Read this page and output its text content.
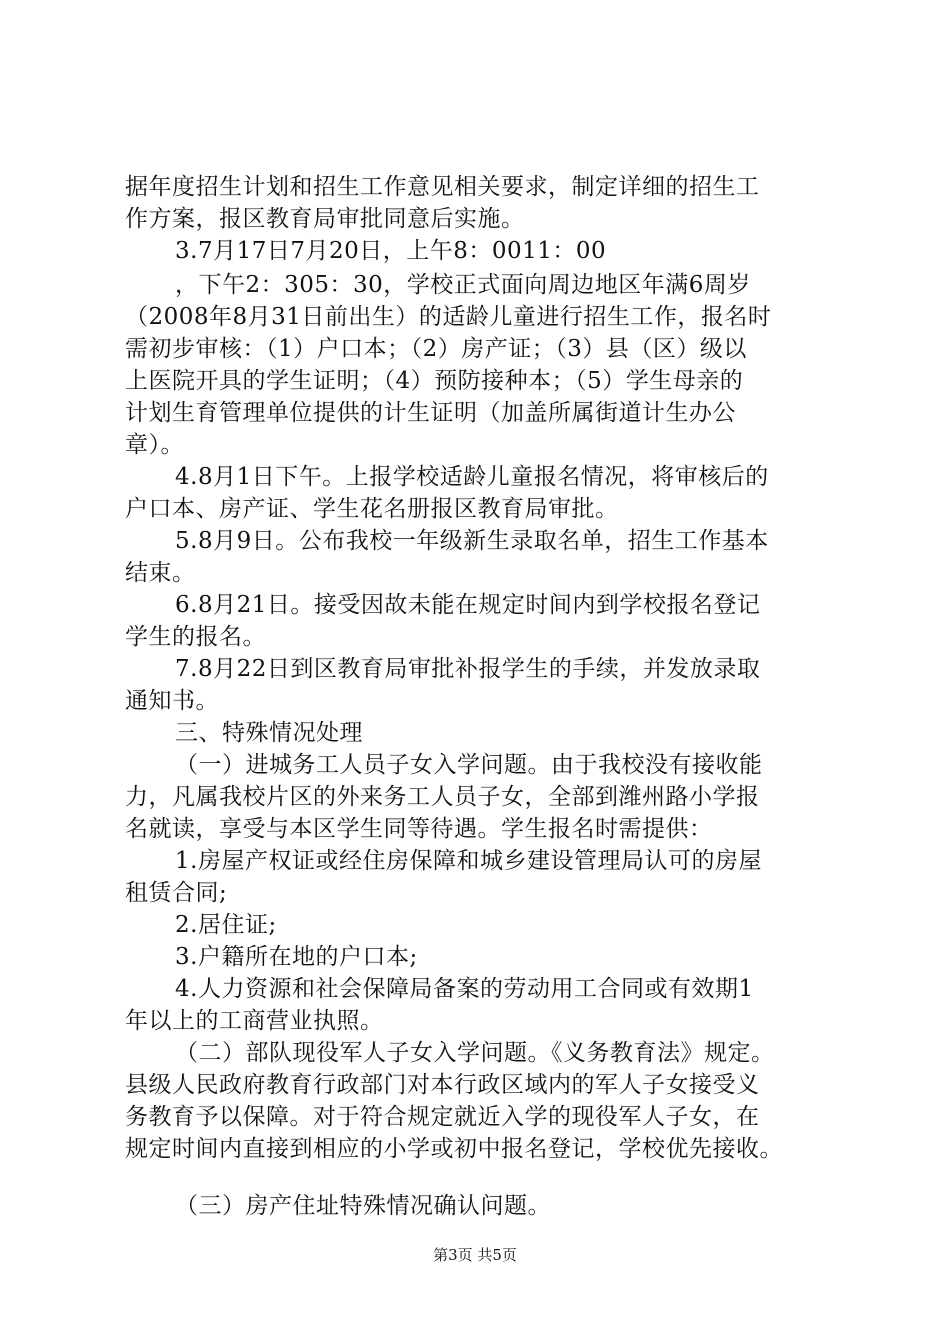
据年度招生计划和招生工作意见相关要求，制定详细的招生工
作方案，报区教育局审批同意后实施。
3.7月17日7月20日，上午8：0011：00
，下午2：305：30，学校正式面向周边地区年满6周岁
（2008年8月31日前出生）的适龄儿童进行招生工作，报名时
需初步审核：（1）户口本；（2）房产证；（3）县（区）级以
上医院开具的学生证明；（4）预防接种本；（5）学生母亲的
计划生育管理单位提供的计生证明（加盖所属街道计生办公
章）。
4.8月1日下午。上报学校适龄儿童报名情况，将审核后的
户口本、房产证、学生花名册报区教育局审批。
5.8月9日。公布我校一年级新生录取名单，招生工作基本
结束。
6.8月21日。接受因故未能在规定时间内到学校报名登记
学生的报名。
7.8月22日到区教育局审批补报学生的手续，并发放录取
通知书。
三、特殊情况处理
（一）进城务工人员子女入学问题。由于我校没有接收能
力，凡属我校片区的外来务工人员子女，全部到潍州路小学报
名就读，享受与本区学生同等待遇。学生报名时需提供：
1.房屋产权证或经住房保障和城乡建设管理局认可的房屋
租赁合同;
2.居住证;
3.户籍所在地的户口本;
4.人力资源和社会保障局备案的劳动用工合同或有效期1
年以上的工商营业执照。
（二）部队现役军人子女入学问题。《义务教育法》规定。
县级人民政府教育行政部门对本行政区域内的军人子女接受义
务教育予以保障。对于符合规定就近入学的现役军人子女，在
规定时间内直接到相应的小学或初中报名登记，学校优先接收。
（三）房产住址特殊情况确认问题。
第3页 共5页
